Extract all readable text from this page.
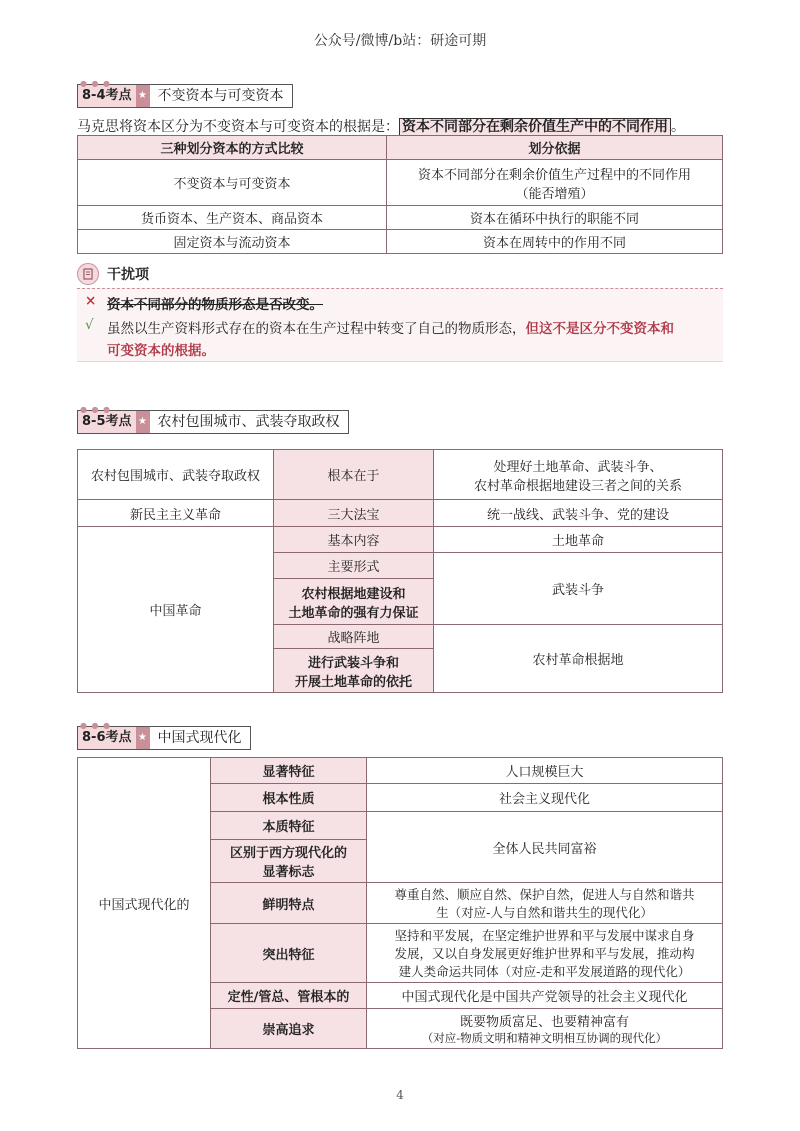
公众号/微博/b站：研途可期
● ● ●
8-4考点 ★ 不变资本与可变资本
马克思将资本区分为不变资本与可变资本的根据是： 资本不同部分在剩余价值生产中的不同作用 。
三种划分资本的方式比较	划分依据
不变资本与可变资本	资本不同部分在剩余价值生产过程中的不同作用
（能否增殖）

货币资本、生产资本、商品资本	资本在循环中执行的职能不同
固定资本与流动资本	资本在周转中的作用不同
干扰项
× 资本不同部分的物质形态是否改变。
√ 虽然以生产资料形式存在的资本在生产过程中转变了自己的物质形态，但这不是区分不变资本和
可变资本的根据。
● ● ●
8-5考点 ★ 农村包围城市、武装夺取政权
农村包围城市、武装夺取政权	根本在于	处理好土地革命、武装斗争、
农村革命根据地建设三者之间的关系

新民主主义革命	三大法宝	统一战线、武装斗争、党的建设
中国革命	基本内容	土地革命
	主要形式	武装斗争

	农村根据地建设和
土地革命的强有力保证	

	战略阵地	农村革命根据地

	进行武装斗争和
开展土地革命的依托	
● ● ●
8-6考点 ★ 中国式现代化
中国式现代化的	显著特征	人口规模巨大
	根本性质	社会主义现代化
	本质特征	全体人民共同富裕

	区别于西方现代化的
显著标志	

	鲜明特点	尊重自然、顺应自然、保护自然，促进人与自然和谐共
生（对应-人与自然和谐共生的现代化）

	突出特征	坚持和平发展，在坚定维护世界和平与发展中谋求自身
发展，又以自身发展更好维护世界和平与发展，推动构
建人类命运共同体（对应-走和平发展道路的现代化）

	定性/管总、管根本的	中国式现代化是中国共产党领导的社会主义现代化
	崇高追求	既要物质富足、也要精神富有
（对应-物质文明和精神文明相互协调的现代化）
4
